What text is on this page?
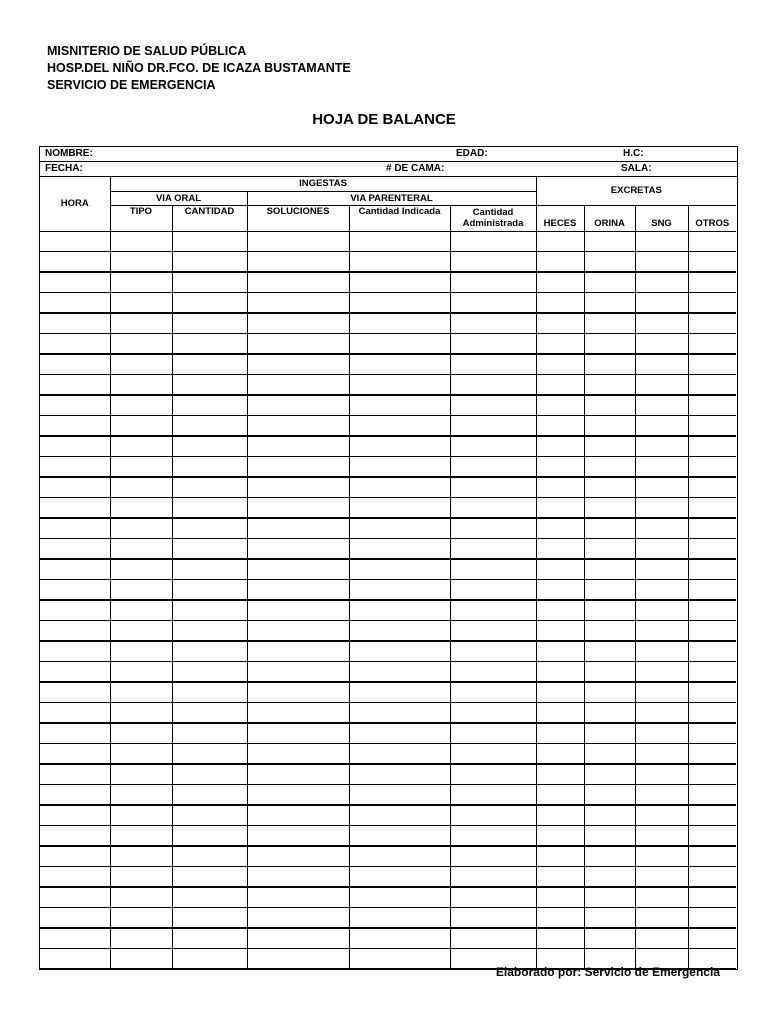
MISNITERIO DE SALUD PÚBLICA
HOSP.DEL NIÑO DR.FCO. DE ICAZA BUSTAMANTE
SERVICIO DE EMERGENCIA
HOJA DE BALANCE
NOMBRE:	EDAD:	H.C:
FECHA:	# DE CAMA:	SALA:
HORA	INGESTAS					EXCRETAS			
	VIA ORAL		VIA PARENTERAL						
	TIPO	CANTIDAD	SOLUCIONES	Cantidad Indicada	Cantidad Administrada	HECES	ORINA	SNG	OTROS

Elaborado por: Servicio de Emergencia
